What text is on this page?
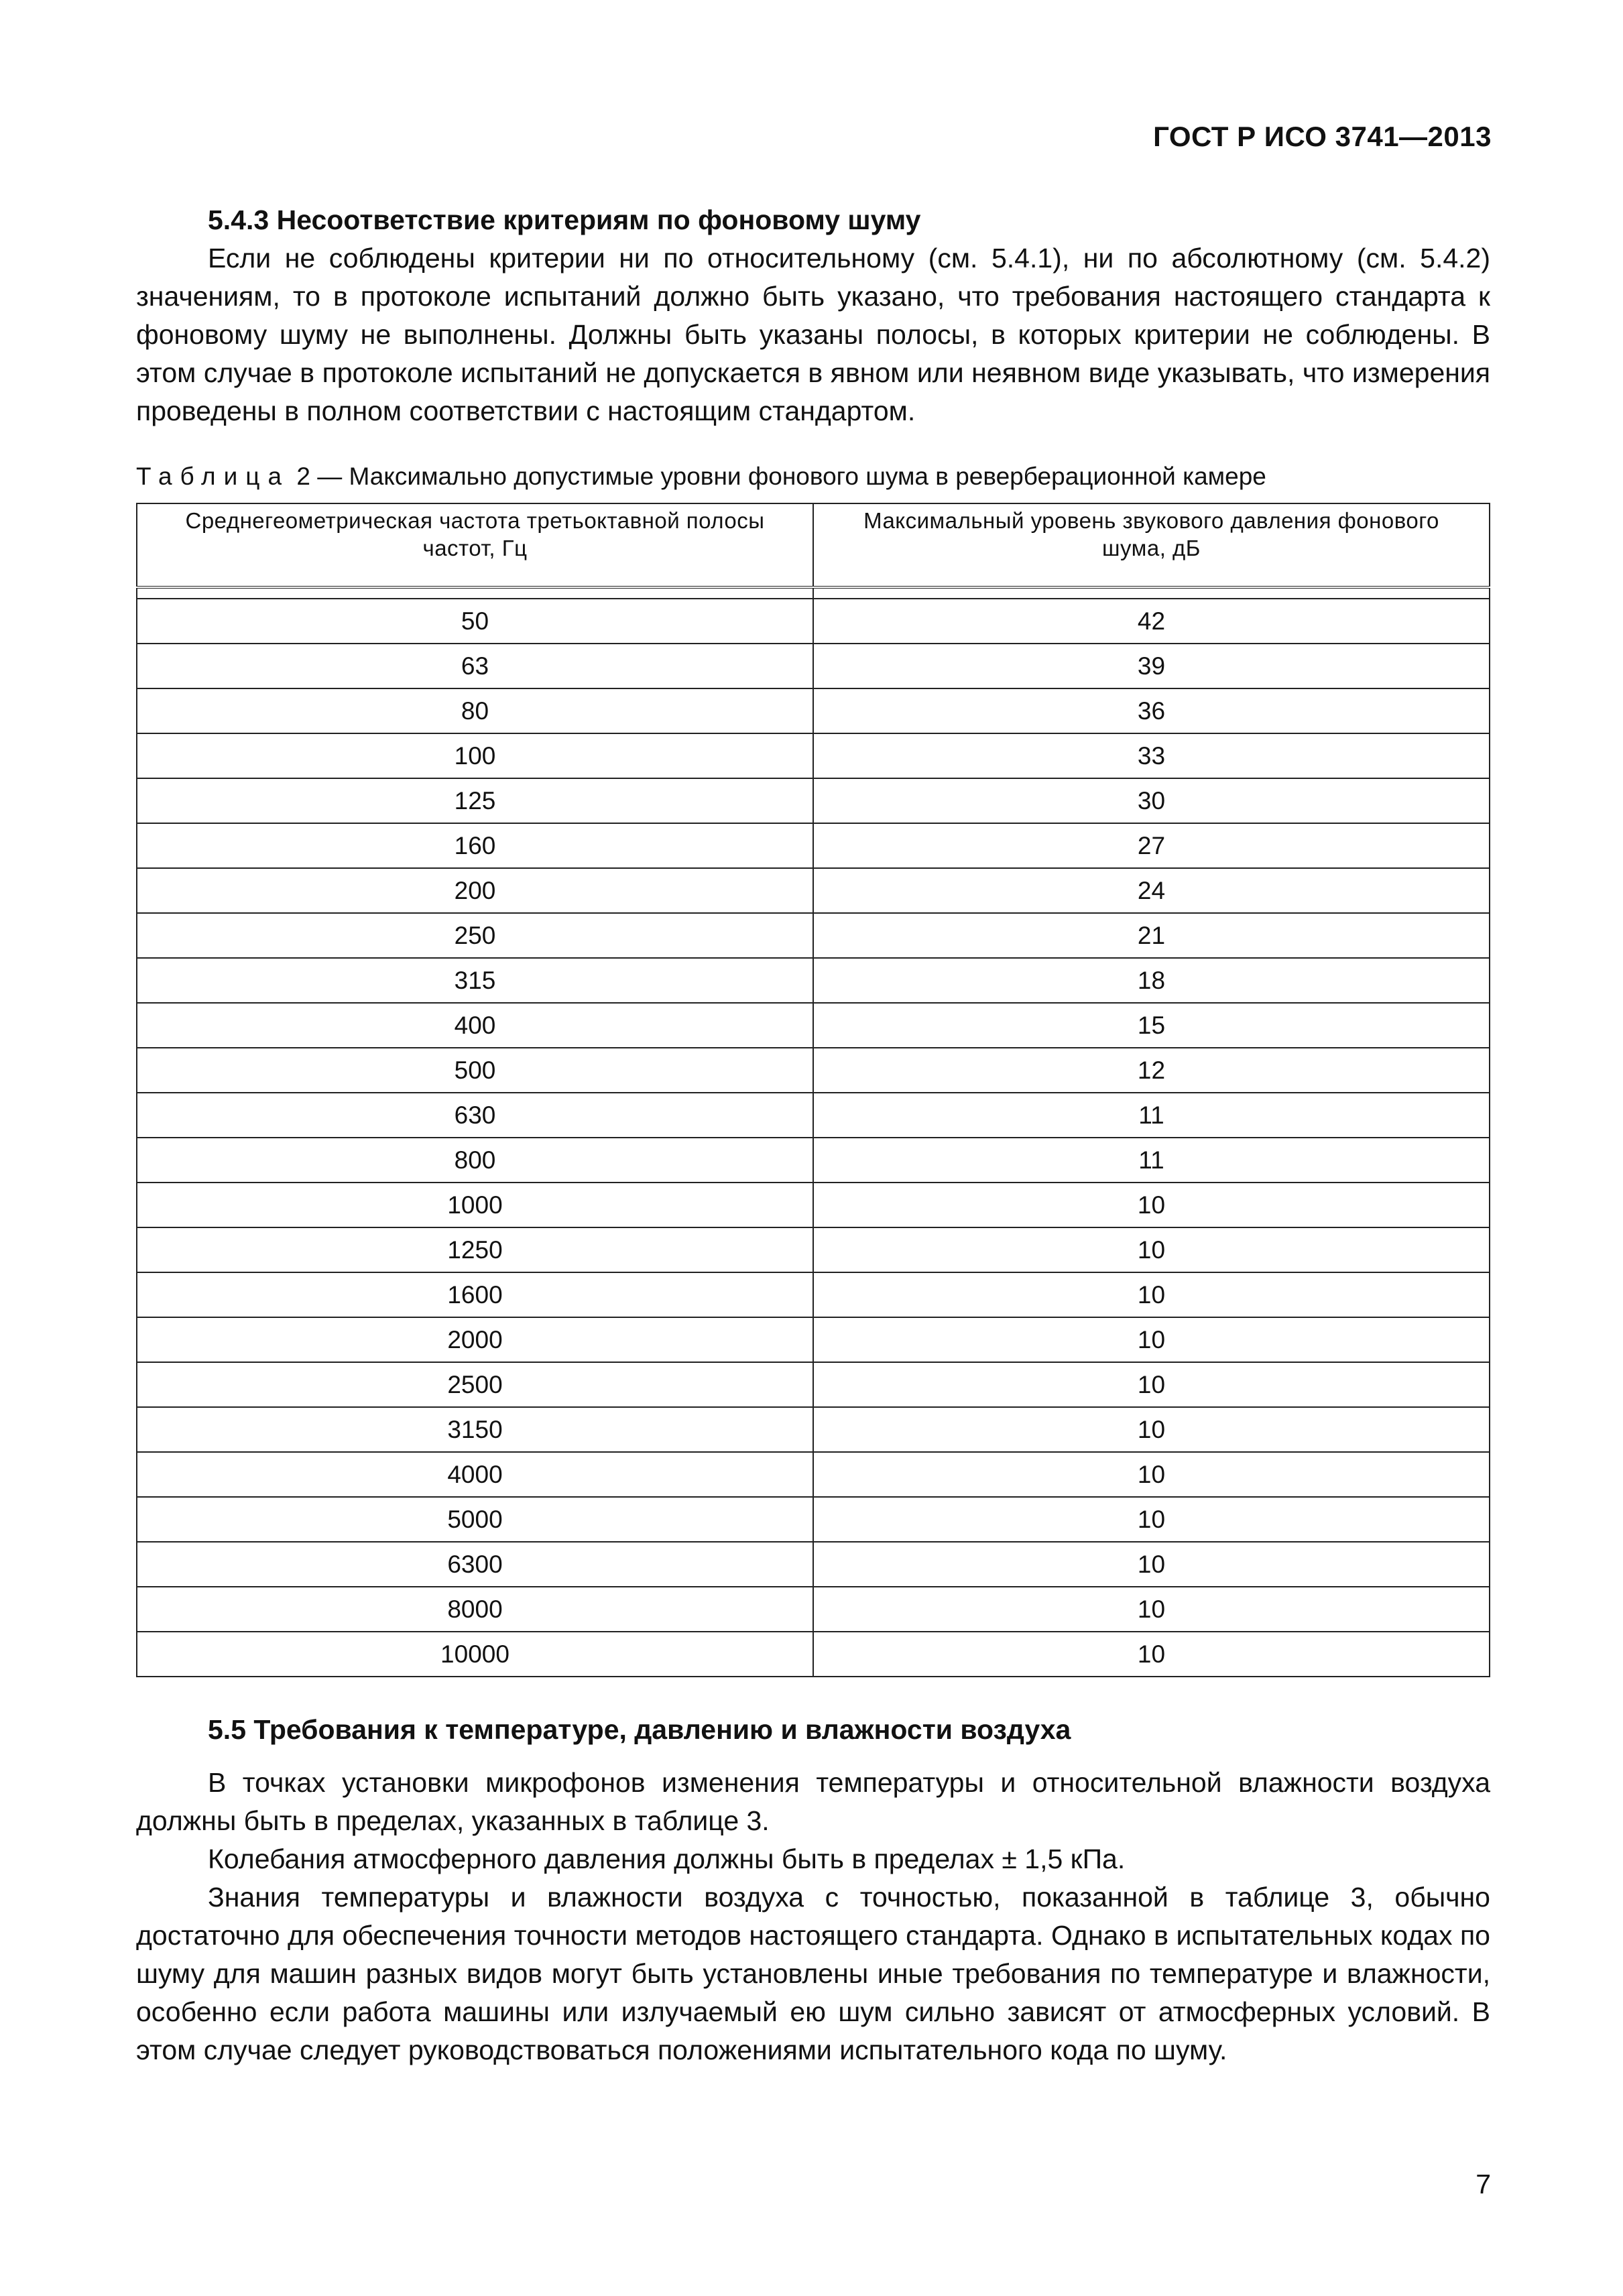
ГОСТ Р ИСО 3741—2013

5.4.3 Несоответствие критериям по фоновому шуму

Если не соблюдены критерии ни по относительному (см. 5.4.1), ни по абсолютному (см. 5.4.2) значениям, то в протоколе испытаний должно быть указано, что требования настоящего стандарта к фоновому шуму не выполнены. Должны быть указаны полосы, в которых критерии не соблюдены. В этом случае в протоколе испытаний не допускается в явном или неявном виде указывать, что измерения проведены в полном соответствии с настоящим стандартом.

Таблица 2 — Максимально допустимые уровни фонового шума в реверберационной камере
Среднегеометрическая частота третьоктавной полосы частот, Гц	Максимальный уровень звукового давления фонового шума, дБ

50	42
63	39
80	36
100	33
125	30
160	27
200	24
250	21
315	18
400	15
500	12
630	11
800	11
1000	10
1250	10
1600	10
2000	10
2500	10
3150	10
4000	10
5000	10
6300	10
8000	10
10000	10

5.5 Требования к температуре, давлению и влажности воздуха

В точках установки микрофонов изменения температуры и относительной влажности воздуха должны быть в пределах, указанных в таблице 3.

Колебания атмосферного давления должны быть в пределах ± 1,5 кПа.

Знания температуры и влажности воздуха с точностью, показанной в таблице 3, обычно достаточно для обеспечения точности методов настоящего стандарта. Однако в испытательных кодах по шуму для машин разных видов могут быть установлены иные требования по температуре и влажности, особенно если работа машины или излучаемый ею шум сильно зависят от атмосферных условий. В этом случае следует руководствоваться положениями испытательного кода по шуму.

7
